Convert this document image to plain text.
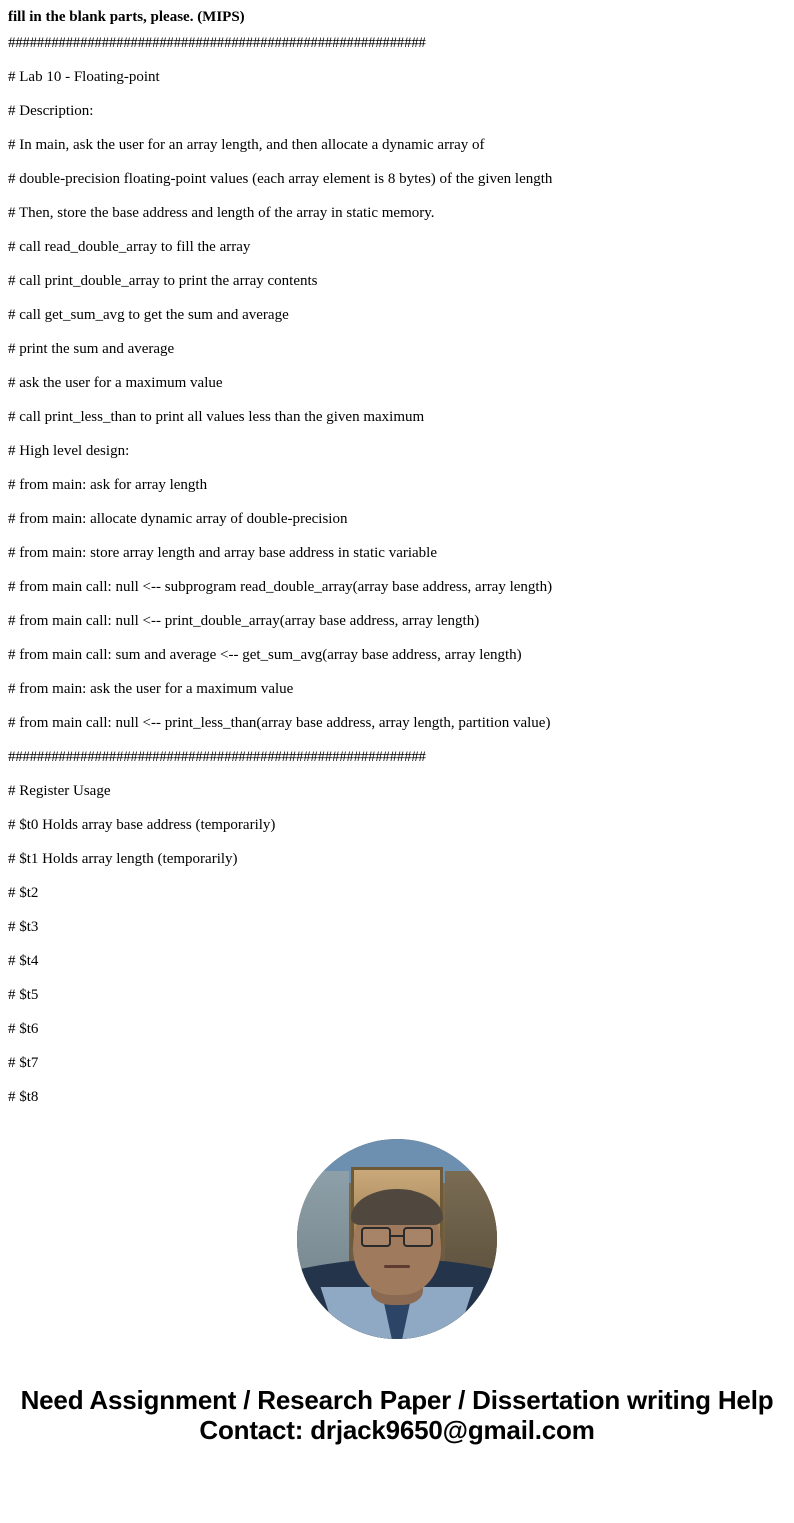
fill in the blank parts, please. (MIPS)
##########################################################
# Lab 10 - Floating-point
# Description:
# In main, ask the user for an array length, and then allocate a dynamic array of
# double-precision floating-point values (each array element is 8 bytes) of the given length
# Then, store the base address and length of the array in static memory.
# call read_double_array to fill the array
# call print_double_array to print the array contents
# call get_sum_avg to get the sum and average
# print the sum and average
# ask the user for a maximum value
# call print_less_than to print all values less than the given maximum
# High level design:
# from main: ask for array length
# from main: allocate dynamic array of double-precision
# from main: store array length and array base address in static variable
# from main call: null <-- subprogram read_double_array(array base address, array length)
# from main call: null <-- print_double_array(array base address, array length)
# from main call: sum and average <-- get_sum_avg(array base address, array length)
# from main: ask the user for a maximum value
# from main call: null <-- print_less_than(array base address, array length, partition value)
##########################################################
# Register Usage
# $t0 Holds array base address (temporarily)
# $t1 Holds array length (temporarily)
# $t2
# $t3
# $t4
# $t5
# $t6
# $t7
# $t8
Need Assignment / Research Paper / Dissertation writing Help
Contact: drjack9650@gmail.com
